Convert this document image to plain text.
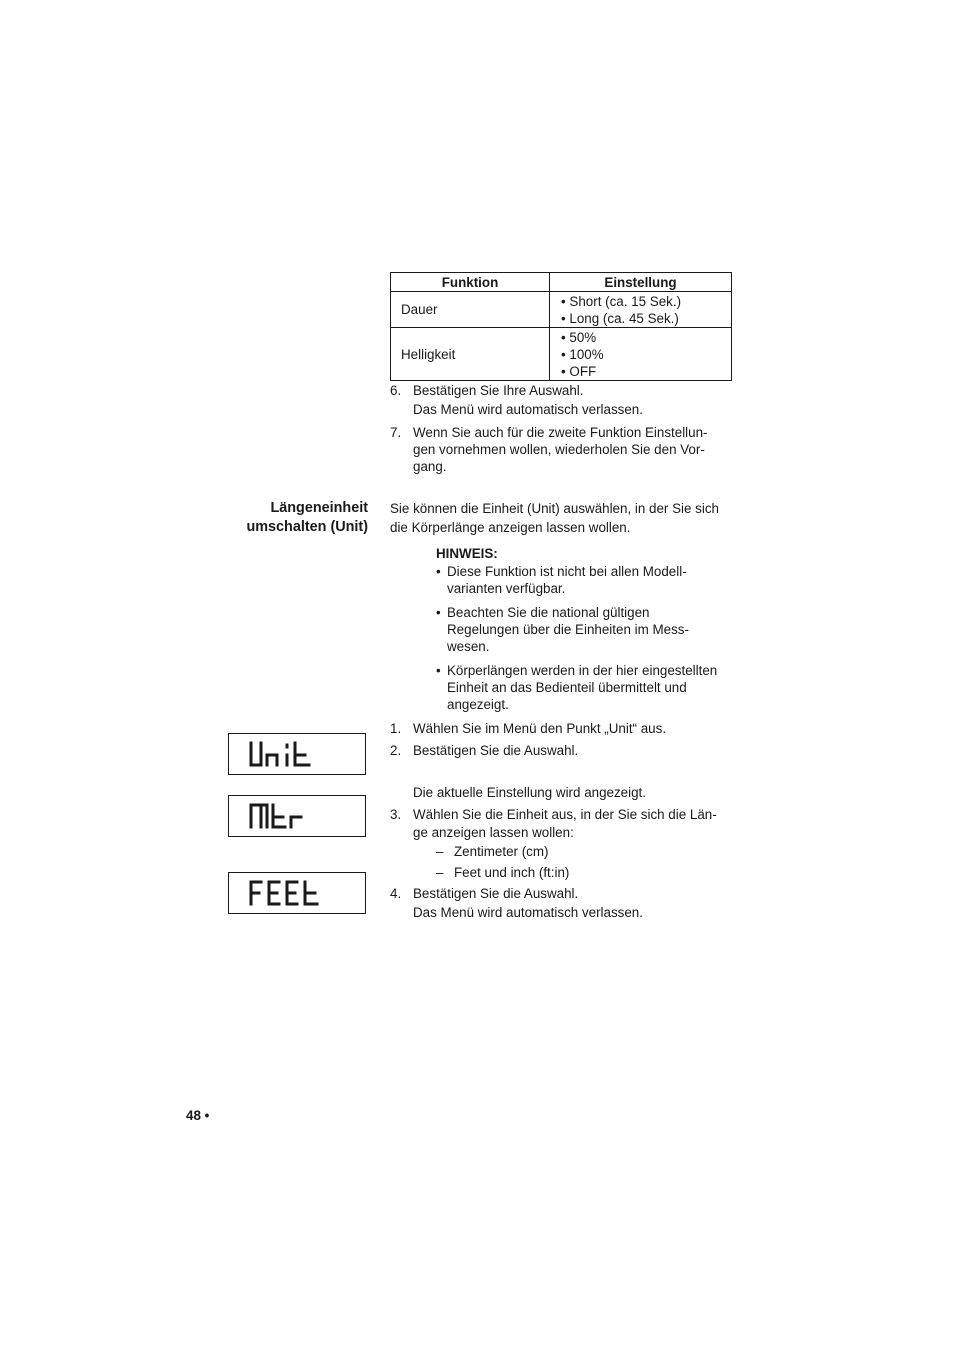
Funktion	Einstellung
Dauer	• Short (ca. 15 Sek.)
• Long (ca. 45 Sek.)

Helligkeit	• 50%
• 100%
• OFF
6. Bestätigen Sie Ihre Auswahl.
Das Menü wird automatisch verlassen.
7. Wenn Sie auch für die zweite Funktion Einstellun-
gen vornehmen wollen, wiederholen Sie den Vor-
gang.
Längeneinheit
umschalten (Unit)
Sie können die Einheit (Unit) auswählen, in der Sie sich
die Körperlänge anzeigen lassen wollen.
HINWEIS:
• Diese Funktion ist nicht bei allen Modell-
varianten verfügbar.
• Beachten Sie die national gültigen
Regelungen über die Einheiten im Mess-
wesen.
• Körperlängen werden in der hier eingestellten
Einheit an das Bedienteil übermittelt und
angezeigt.
1. Wählen Sie im Menü den Punkt „Unit“ aus.
2. Bestätigen Sie die Auswahl.
Die aktuelle Einstellung wird angezeigt.
3. Wählen Sie die Einheit aus, in der Sie sich die Län-
ge anzeigen lassen wollen:
– Zentimeter (cm)
– Feet und inch (ft:in)
4. Bestätigen Sie die Auswahl.
Das Menü wird automatisch verlassen.
48 •
